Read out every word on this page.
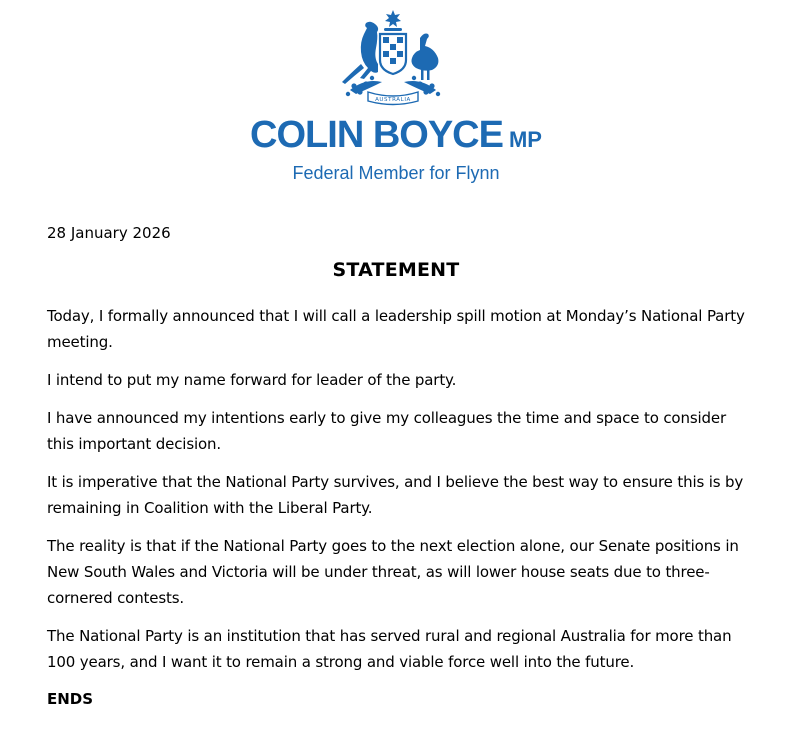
AUSTRALIA
COLIN BOYCE MP
Federal Member for Flynn
28 January 2026
STATEMENT

Today, I formally announced that I will call a leadership spill motion at Monday’s National Party meeting.

I intend to put my name forward for leader of the party.

I have announced my intentions early to give my colleagues the time and space to consider this important decision.

It is imperative that the National Party survives, and I believe the best way to ensure this is by remaining in Coalition with the Liberal Party.

The reality is that if the National Party goes to the next election alone, our Senate positions in New South Wales and Victoria will be under threat, as will lower house seats due to three-cornered contests.

The National Party is an institution that has served rural and regional Australia for more than 100 years, and I want it to remain a strong and viable force well into the future.

ENDS
